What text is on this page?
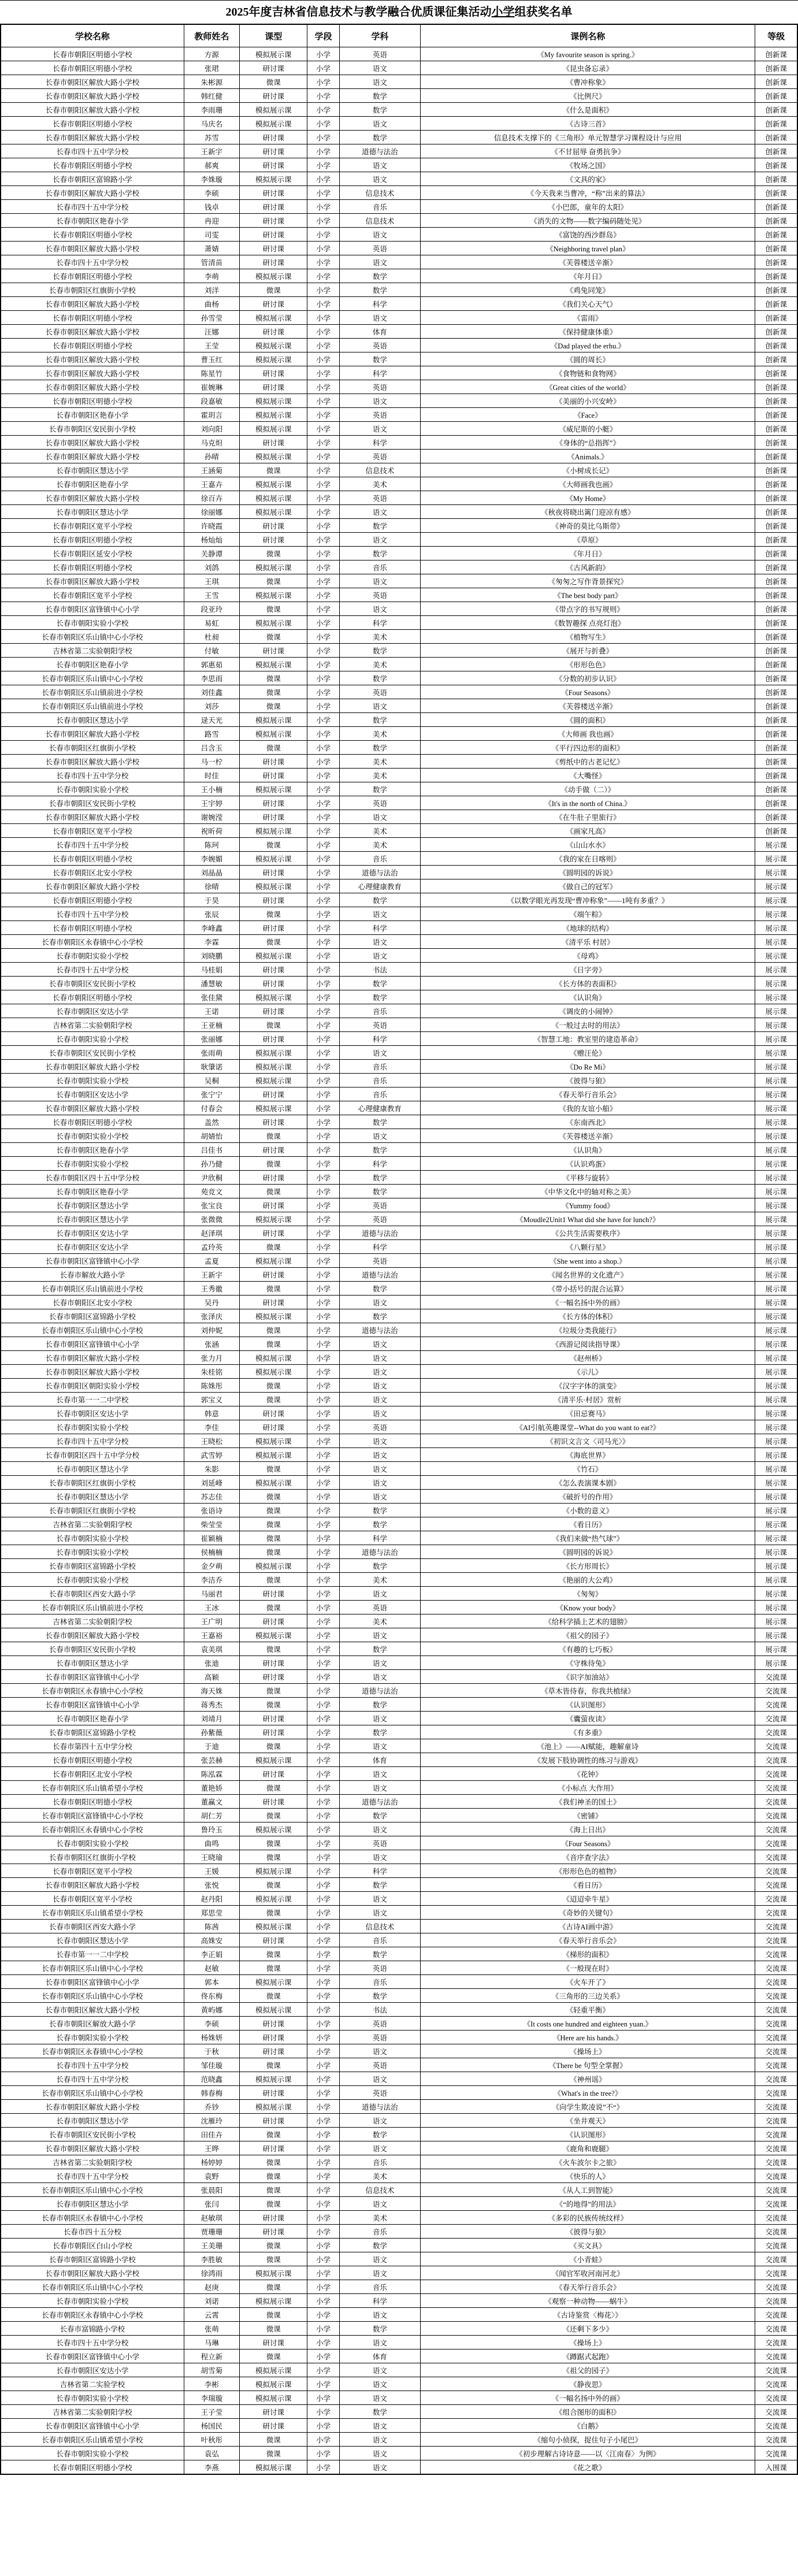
2025年度吉林省信息技术与教学融合优质课征集活动小学组获奖名单
学校名称	教师姓名	课型	学段	学科	课例名称	等级
长春市朝阳区明德小学校	方源	模拟展示课	小学	英语	《My favourite season is spring.》	创新课
长春市朝阳区明德小学校	张珺	研讨课	小学	语文	《昆虫备忘录》	创新课
长春市朝阳区解放大路小学校	朱彬源	微课	小学	语文	《曹冲称象》	创新课
长春市朝阳区解放大路小学校	韩红健	研讨课	小学	数学	《比例尺》	创新课
长春市朝阳区解放大路小学校	李雨珊	模拟展示课	小学	数学	《什么是面积》	创新课
长春市朝阳区明德小学校	马庆名	模拟展示课	小学	语文	《古诗三首》	创新课
长春市朝阳区解放大路小学校	苏雪	研讨课	小学	数学	信息技术支撑下的《三角形》单元智慧学习课程设计与应用	创新课
长春市四十五中学分校	王新宇	研讨课	小学	道德与法治	《不甘屈辱 奋勇抗争》	创新课
长春市朝阳区明德小学校	郝爽	研讨课	小学	语文	《牧场之国》	创新课
长春市朝阳区富锦路小学	李姝璇	模拟展示课	小学	语文	《文具的家》	创新课
长春市朝阳区解放大路小学校	李硕	研讨课	小学	信息技术	《今天我来当曹冲，“称”出来的算法》	创新课
长春市四十五中学分校	钱卓	研讨课	小学	音乐	《小巴郎，童年的太阳》	创新课
长春市朝阳区艳春小学	冉迎	研讨课	小学	信息技术	《消失的文物——数字编码随处见》	创新课
长春市朝阳区明德小学校	司雯	研讨课	小学	语文	《富饶的西沙群岛》	创新课
长春市朝阳区解放大路小学校	萧婧	研讨课	小学	英语	《Neighboring travel plan》	创新课
长春市四十五中学分校	管清苗	研讨课	小学	语文	《芙蓉楼送辛渐》	创新课
长春市朝阳区明德小学校	李萌	模拟展示课	小学	数学	《年月日》	创新课
长春市朝阳区红旗街小学校	刘洋	微课	小学	数学	《鸡兔同笼》	创新课
长春市朝阳区解放大路小学校	曲杨	研讨课	小学	科学	《我们关心天气》	创新课
长春市朝阳区明德小学校	孙雪莹	模拟展示课	小学	语文	《雷雨》	创新课
长春市朝阳区解放大路小学校	汪娜	研讨课	小学	体育	《保持健康体重》	创新课
长春市朝阳区明德小学校	王莹	模拟展示课	小学	英语	《Dad played the erhu.》	创新课
长春市朝阳区解放大路小学校	曹玉红	模拟展示课	小学	数学	《圆的周长》	创新课
长春市朝阳区解放大路小学校	陈星竹	研讨课	小学	科学	《食物链和食物网》	创新课
长春市朝阳区解放大路小学校	崔婉琳	研讨课	小学	英语	《Great cities of the world》	创新课
长春市朝阳区明德小学校	段嘉敏	模拟展示课	小学	语文	《美丽的小兴安岭》	创新课
长春市朝阳区艳春小学	霍玥言	模拟展示课	小学	英语	《Face》	创新课
长春市朝阳区安民街小学校	刘向阳	模拟展示课	小学	语文	《威尼斯的小艇》	创新课
长春市朝阳区解放大路小学校	马克炟	研讨课	小学	科学	《身体的“总指挥”》	创新课
长春市朝阳区解放大路小学校	孙晴	模拟展示课	小学	英语	《Animals.》	创新课
长春市朝阳区慧达小学	王涵菊	微课	小学	信息技术	《小树成长记》	创新课
长春市朝阳区艳春小学	王嘉卉	模拟展示课	小学	美术	《大师画我也画》	创新课
长春市朝阳区解放大路小学校	徐百卉	模拟展示课	小学	英语	《My Home》	创新课
长春市朝阳区慧达小学	徐丽娜	模拟展示课	小学	语文	《秋夜将晓出篱门迎凉有感》	创新课
长春市朝阳区宽平小学校	许晓霞	研讨课	小学	数学	《神奇的莫比乌斯带》	创新课
长春市朝阳区明德小学校	杨灿灿	研讨课	小学	语文	《草原》	创新课
长春市朝阳区延安小学校	关静谭	微课	小学	数学	《年月日》	创新课
长春市朝阳区明德小学校	刘鸽	模拟展示课	小学	音乐	《古风新韵》	创新课
长春市朝阳区解放大路小学校	王琪	微课	小学	语文	《匆匆之写作背景探究》	创新课
长春市朝阳区宽平小学校	王雪	模拟展示课	小学	英语	《The best body part》	创新课
长春市朝阳区富锋镇中心小学	段亚玲	微课	小学	语文	《带点字的书写规则》	创新课
长春市朝阳实验小学校	易虹	模拟展示课	小学	科学	《数智趣探 点亮灯泡》	创新课
长春市朝阳区乐山镇中心小学校	杜昶	微课	小学	美术	《植物写生》	创新课
吉林省第二实验朝阳学校	付敏	研讨课	小学	数学	《展开与折叠》	创新课
长春市朝阳区艳春小学	郭惠茹	模拟展示课	小学	美术	《形形色色》	创新课
长春市朝阳区乐山镇中心小学校	李思雨	微课	小学	数学	《分数的初步认识》	创新课
长春市朝阳区乐山镇前进小学校	刘佳鑫	微课	小学	英语	《Four Seasons》	创新课
长春市朝阳区乐山镇前进小学校	刘莎	微课	小学	语文	《芙蓉楼送辛渐》	创新课
长春市朝阳区慧达小学	逯天光	模拟展示课	小学	数学	《圆的面积》	创新课
长春市朝阳区解放大路小学校	路雪	模拟展示课	小学	美术	《大师画 我也画》	创新课
长春市朝阳区红旗街小学校	吕含玉	微课	小学	数学	《平行四边形的面积》	创新课
长春市朝阳区解放大路小学校	马一柠	研讨课	小学	美术	《剪纸中的古老记忆》	创新课
长春市四十五中学分校	时佳	研讨课	小学	美术	《大嘴怪》	创新课
长春市朝阳实验小学校	王小楠	模拟展示课	小学	数学	《动手做（二）》	创新课
长春市朝阳区安民街小学校	王宇婷	研讨课	小学	英语	《It's in the north of China.》	创新课
长春市朝阳区解放大路小学校	谢婉滢	研讨课	小学	语文	《在牛肚子里旅行》	创新课
长春市朝阳区宽平小学校	祝昕荷	模拟展示课	小学	美术	《画家凡高》	创新课
长春市四十五中学分校	陈珂	微课	小学	美术	《山山水水》	展示课
长春市朝阳区明德小学校	李婉媚	模拟展示课	小学	音乐	《我的家在日喀则》	展示课
长春市朝阳区北安小学校	刘晶晶	研讨课	小学	道德与法治	《圆明园的诉说》	展示课
长春市朝阳区解放大路小学校	徐晴	模拟展示课	小学	心理健康教育	《做自己的冠军》	展示课
长春市朝阳区明德小学校	于昊	研讨课	小学	数学	《以数学眼光再发现“曹冲称象”——1吨有多重？》	展示课
长春市四十五中学分校	张辰	微课	小学	语文	《端午粽》	展示课
长春市朝阳区明德小学校	李峰鑫	研讨课	小学	科学	《地球的结构》	展示课
长春市朝阳区永春镇中心小学校	李霖	微课	小学	语文	《清平乐 村居》	展示课
长春市朝阳实验小学校	刘晓鹏	模拟展示课	小学	语文	《母鸡》	展示课
长春市四十五中学分校	马桂娟	研讨课	小学	书法	《日字旁》	展示课
长春市朝阳区安民街小学校	潘慧敏	研讨课	小学	数学	《长方体的表面积》	展示课
长春市朝阳区明德小学校	张佳黛	模拟展示课	小学	数学	《认识角》	展示课
长春市朝阳区安达小学	王诺	研讨课	小学	音乐	《调皮的小闹钟》	展示课
吉林省第二实验朝阳学校	王亚楠	微课	小学	英语	《一般过去时的用法》	展示课
长春市朝阳实验小学校	张丽娜	研讨课	小学	科学	《智慧工地：教室里的建造革命》	展示课
长春市朝阳区安民街小学校	张雨萌	模拟展示课	小学	语文	《赠汪伦》	展示课
长春市朝阳区解放大路小学校	耿肇诺	模拟展示课	小学	音乐	《Do Re Mi》	展示课
长春市朝阳实验小学校	吴桐	模拟展示课	小学	音乐	《彼得与狼》	展示课
长春市朝阳区安达小学	张宁宁	研讨课	小学	音乐	《春天举行音乐会》	展示课
长春市朝阳区解放大路小学校	付春会	模拟展示课	小学	心理健康教育	《我的友谊小船》	展示课
长春市朝阳区明德小学校	盖然	研讨课	小学	数学	《东南西北》	展示课
长春市朝阳实验小学校	胡婧怡	微课	小学	语文	《芙蓉楼送辛渐》	展示课
长春市朝阳区艳春小学	吕佳书	研讨课	小学	数学	《认识角》	展示课
长春市朝阳实验小学校	孙乃健	微课	小学	科学	《认识鸡蛋》	展示课
长春市朝阳区四十五中学分校	尹欣桐	研讨课	小学	数学	《平移与旋转》	展示课
长春市朝阳区艳春小学	苑竞文	微课	小学	数学	《中华文化中的轴对称之美》	展示课
长春市朝阳区慧达小学	张宝良	研讨课	小学	英语	《Yummy food》	展示课
长春市朝阳区慧达小学	张微微	模拟展示课	小学	英语	《Moudle2Unit1 What did she have for lunch?》	展示课
长春市朝阳区安达小学	赵泽琪	研讨课	小学	道德与法治	《公共生活需要秩序》	展示课
长春市朝阳区安达小学	孟玲英	微课	小学	科学	《八颗行星》	展示课
长春市朝阳区富锋镇中心小学	孟夏	模拟展示课	小学	英语	《She went into a shop.》	展示课
长春市解放大路小学	王新宇	研讨课	小学	道德与法治	《闻名世界的文化遗产》	展示课
长春市朝阳区乐山镇前进小学校	王秀徽	微课	小学	数学	《带小括号的混合运算》	展示课
长春市朝阳区北安小学校	吴丹	研讨课	小学	语文	《一幅名扬中外的画》	展示课
长春市朝阳区富锦路小学校	张泽庆	模拟展示课	小学	数学	《长方体的体积》	展示课
长春市朝阳区乐山镇中心小学校	刘仲妮	微课	小学	道德与法治	《垃圾分类我能行》	展示课
长春市朝阳区富锋镇中心小学	张涵	微课	小学	语文	《西游记阅读指导课》	展示课
长春市朝阳区解放大路小学校	张力月	模拟展示课	小学	语文	《赵州桥》	展示课
长春市朝阳区解放大路小学校	朱桂铭	模拟展示课	小学	语文	《示儿》	展示课
长春市朝阳区朝阳实验小学校	陈姝彤	微课	小学	语文	《汉字字体的演变》	展示课
长春市第一一二中学校	郭宝义	微课	小学	语文	《清平乐·村居》赏析	展示课
长春市朝阳区安达小学	韩意	研讨课	小学	语文	《田忌赛马》	展示课
长春市朝阳实验小学校	李佳	研讨课	小学	英语	《AI引航英趣课堂--What do you want to eat?》	展示课
长春市四十五中学分校	王晓松	模拟展示课	小学	语文	《初识文言文〈司马光〉》	展示课
长春市朝阳区四十五中学分校	武雪婷	模拟展示课	小学	语文	《海底世界》	展示课
长春市朝阳区慧达小学	朱影	微课	小学	语文	《竹石》	展示课
长春市朝阳区红旗街小学校	刘延峰	模拟展示课	小学	语文	《怎么表演课本剧》	展示课
长春市朝阳区慧达小学	苏志佳	微课	小学	语文	《破折号的作用》	展示课
长春市朝阳区红旗街小学校	张语诗	微课	小学	数学	《小数的意义》	展示课
吉林省第二实验朝阳学校	柴莹莹	微课	小学	数学	《看日历》	展示课
长春市朝阳实验小学校	崔颖楠	微课	小学	科学	《我们来做“热气球”》	展示课
长春市朝阳实验小学校	侯楠楠	微课	小学	道德与法治	《圆明园的诉说》	展示课
长春市朝阳区富锦路小学校	金夕萌	模拟展示课	小学	数学	《长方形周长》	展示课
长春市朝阳实验小学校	李洁乔	微课	小学	美术	《艳丽的大公鸡》	展示课
长春市朝阳区西安大路小学	马丽君	研讨课	小学	语文	《匆匆》	展示课
长春市朝阳区乐山镇前进小学校	王冰	微课	小学	英语	《Know your body》	展示课
吉林省第二实验朝阳学校	王广明	研讨课	小学	美术	《给科学插上艺术的翅膀》	展示课
长春市朝阳区解放大路小学校	王嘉裕	模拟展示课	小学	语文	《祖父的园子》	展示课
长春市朝阳区安民街小学校	袁美琪	微课	小学	数学	《有趣的七巧板》	展示课
长春市朝阳区慧达小学	张迪	研讨课	小学	语文	《守株待兔》	展示课
长春市朝阳区富锋镇中心小学	高颖	研讨课	小学	语文	《识字加油站》	交流课
长春市朝阳区永春镇中心小学校	海天姝	微课	小学	道德与法治	《草木皆待春，你我共植绿》	交流课
长春市朝阳区富锋镇中心小学	蒋秀杰	微课	小学	数学	《认识图形》	交流课
长春市朝阳区艳春小学	刘靖月	研讨课	小学	语文	《囊萤夜读》	交流课
长春市朝阳区富锦路小学校	孙紫薇	研讨课	小学	数学	《有多重》	交流课
长春市第四十五中学分校	于迪	微课	小学	语文	《池上》——AI赋能，趣解童诗	交流课
长春市朝阳区明德小学校	张芸赫	模拟展示课	小学	体育	《发展下肢协调性的练习与游戏》	交流课
长春市朝阳区北安小学校	陈泓霖	研讨课	小学	语文	《花钟》	交流课
长春市朝阳区乐山镇希望小学校	董艳娇	微课	小学	语文	《小标点 大作用》	交流课
长春市朝阳区明德小学校	董赢文	研讨课	小学	道德与法治	《我们神圣的国土》	交流课
长春市朝阳区富锋镇中心小学校	胡仁芳	微课	小学	数学	《密铺》	交流课
长春市朝阳区永春镇中心小学校	鲁玲玉	模拟展示课	小学	语文	《海上日出》	交流课
长春市朝阳实验小学校	曲鸣	微课	小学	英语	《Four Seasons》	交流课
长春市朝阳区红旗街小学校	王晓瑜	微课	小学	语文	《音序查字法》	交流课
长春市朝阳区宽平小学校	王媛	模拟展示课	小学	科学	《形形色色的植物》	交流课
长春市朝阳区解放大路小学校	张悦	微课	小学	数学	《看日历》	交流课
长春市朝阳区宽平小学校	赵丹阳	模拟展示课	小学	语文	《迢迢牵牛星》	交流课
长春市朝阳区乐山镇希望小学校	郑思莹	微课	小学	语文	《奇妙的关键句》	交流课
长春市朝阳区西安大路小学	陈茜	模拟展示课	小学	信息技术	《古诗AI画中游》	交流课
长春市朝阳区慧达小学	高姝安	研讨课	小学	音乐	《春天举行音乐会》	交流课
长春市第一一二中学校	李正娟	微课	小学	数学	《梯形的面积》	交流课
长春市朝阳区乐山镇中心小学校	赵敏	微课	小学	英语	《一般现在时》	交流课
长春市朝阳区富锋镇中心小学	郭本	模拟展示课	小学	音乐	《火车开了》	交流课
长春市朝阳区乐山镇中心小学校	佟东梅	微课	小学	数学	《三角形的三边关系》	交流课
长春市朝阳区解放大路小学校	黄屿娜	模拟展示课	小学	书法	《轻重平衡》	交流课
长春市朝阳区解放大路小学	李硕	研讨课	小学	英语	《It costs one hundred and eighteen yuan.》	交流课
长春市朝阳实验小学校	杨姝妍	研讨课	小学	英语	《Here are his hands.》	交流课
长春市朝阳区永春镇中心小学校	于秋	研讨课	小学	语文	《操场上》	交流课
长春市四十五中学分校	邹佳璇	微课	小学	英语	《There be 句型全掌握》	交流课
长春市四十五中学分校	范晓鑫	模拟展示课	小学	语文	《神州谣》	交流课
长春市朝阳区乐山镇中心小学校	韩春梅	研讨课	小学	英语	《What's in the tree?》	交流课
长春市朝阳区解放大路小学校	乔钞	模拟展示课	小学	道德与法治	《向学生欺凌说”不“》	交流课
长春市朝阳区慧达小学	沈雁玲	研讨课	小学	语文	《坐井观天》	交流课
长春市朝阳区安民街小学校	田佳卉	微课	小学	数学	《认识图形》	交流课
长春市朝阳区解放大路小学校	王晔	研讨课	小学	语文	《鹿角和鹿腿》	交流课
吉林省第二实验朝阳学校	杨婷婷	微课	小学	音乐	《火车波尔卡之旅》	交流课
长春市四十五中学分校	袁野	微课	小学	美术	《快乐的人》	交流课
长春市朝阳区乐山镇中心小学校	张晨阳	微课	小学	信息技术	《从人工到智能》	交流课
长春市朝阳区慧达小学	张闫	微课	小学	语文	《“的地得”的用法》	交流课
长春市朝阳区永春镇中心小学校	赵敏琪	研讨课	小学	美术	《多彩的民族传统纹样》	交流课
长春市四十五分校	贾珊珊	研讨课	小学	音乐	《彼得与狼》	交流课
长春市朝阳区白山小学校	王美珊	微课	小学	数学	《买文具》	交流课
长春市朝阳区富锦路小学校	李胜敏	微课	小学	语文	《小青蛙》	交流课
长春市朝阳区解放大路小学校	徐鸿雨	模拟展示课	小学	语文	《闻官军收河南河北》	交流课
长春市朝阳区乐山镇中心小学校	赵庚	微课	小学	音乐	《春天举行音乐会》	交流课
长春市朝阳实验小学校	刘诺	模拟展示课	小学	科学	《观察一种动物——蜗牛》	交流课
长春市朝阳区永春镇中心小学校	云霄	微课	小学	语文	《古诗鉴赏〈梅花〉》	交流课
长春市富锦路小学校	张萌	微课	小学	数学	《还剩下多少》	交流课
长春市四十五中学分校	马琳	研讨课	小学	语文	《操场上》	交流课
长春市朝阳区富锋镇中心小学	程立新	微课	小学	体育	《蹲踞式起跑》	交流课
长春市朝阳区安达小学	胡雪菊	模拟展示课	小学	语文	《祖父的园子》	交流课
吉林省第二实验学校	李彬	模拟展示课	小学	语文	《静夜思》	交流课
长春市朝阳实验小学校	李瑞璇	模拟展示课	小学	语文	《一幅名扬中外的画》	交流课
吉林省第二实验朝阳学校	王子莹	研讨课	小学	数学	《组合图形的面积》	交流课
长春市朝阳区富锋镇中心小学	杨国民	研讨课	小学	语文	《白鹅》	交流课
长春市朝阳区乐山镇希望小学校	叶秋彤	微课	小学	语文	《缩句小侦探，捉住句子小尾巴》	交流课
长春市朝阳实验小学校	袁弘	微课	小学	语文	《初步理解古诗诗意——以〈江南春〉为例》	交流课
长春市朝阳区明德小学校	李燕	模拟展示课	小学	语文	《花之歌》	入围课
